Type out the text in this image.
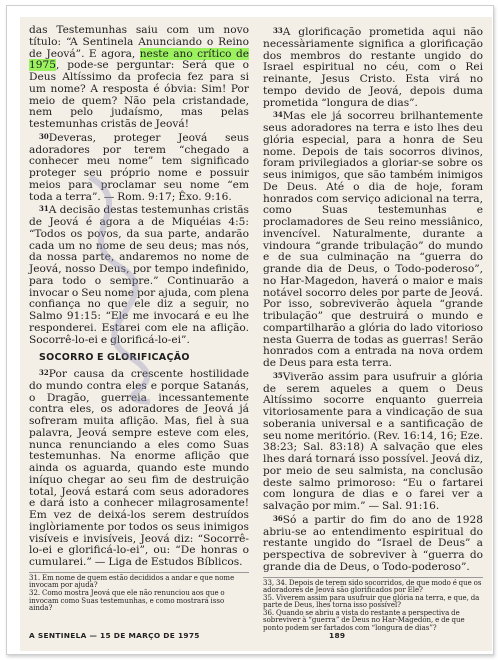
das Testemunhas saiu com um novo título: “A Sentinela Anunciando o Reino de Jeová”. E agora, neste ano crítico de 1975, pode-se perguntar: Será que o Deus Altíssimo da profecia fez para si um nome? A resposta é óbvia: Sim! Por meio de quem? Não pela cristandade, nem pelo judaísmo, mas pelas testemunhas cristãs de Jeová!

30Deveras, proteger Jeová seus adoradores por terem “chegado a conhecer meu nome” tem significado proteger seu próprio nome e possuir meios para proclamar seu nome “em toda a terra”. — Rom. 9:17; Êxo. 9:16.

31A decisão destas testemunhas cristãs de Jeová é agora a de Miquéias 4:5: “Todos os povos, da sua parte, andarão cada um no nome de seu deus; mas nós, da nossa parte, andaremos no nome de Jeová, nosso Deus, por tempo indefinido, para todo o sempre.” Continuarão a invocar o Seu nome por ajuda, com plena confiança no que ele diz a seguir, no Salmo 91:15: “Ele me invocará e eu lhe responderei. Estarei com ele na aflição. Socorrê-lo-ei e glorificá-lo-ei”.

SOCORRO E GLORIFICAÇÃO

32Por causa da crescente hostilidade do mundo contra eles e porque Satanás, o Dragão, guerreia incessantemente contra eles, os adoradores de Jeová já sofreram muita aflição. Mas, fiel à sua palavra, Jeová sempre esteve com eles, nunca renunciando a eles como Suas testemunhas. Na enorme aflição que ainda os aguarda, quando este mundo iníquo chegar ao seu fim de destruição total, Jeová estará com seus adoradores e dará isto a conhecer milagrosamente! Em vez de deixá-los serem destruídos inglòriamente por todos os seus inimigos visíveis e invisíveis, Jeová diz: “Socorrê-lo-ei e glorificá-lo-ei”, ou: “De honras o cumularei.” — Liga de Estudos Bíblicos.

31. Em nome de quem estão decididos a andar e que nome invocam por ajuda?
32. Como mostra Jeová que ele não renunciou aos que o invocam como Suas testemunhas, e como mostrará isso ainda?

33A glorificação prometida aqui não necessàriamente significa a glorificação dos membros do restante ungido do Israel espiritual no céu, com o Rei reinante, Jesus Cristo. Esta virá no tempo devido de Jeová, depois duma prometida “longura de dias”.

34Mas ele já socorreu brilhantemente seus adoradores na terra e isto lhes deu glória especial, para a honra de Seu nome. Depois de tais socorros divinos, foram privilegiados a gloriar-se sobre os seus inimigos, que são também inimigos De Deus. Até o dia de hoje, foram honrados com serviço adicional na terra, como Suas testemunhas e proclamadores de Seu reino messiânico, invencível. Naturalmente, durante a vindoura “grande tribulação” do mundo e de sua culminação na “guerra do grande dia de Deus, o Todo-poderoso”, no Har-Magedon, haverá o maior e mais notável socorro deles por parte de Jeová. Por isso, sobreviverão àquela “grande tribulação” que destruirá o mundo e compartilharão a glória do lado vitorioso nesta Guerra de todas as guerras! Serão honrados com a entrada na nova ordem de Deus para esta terra.

35Viverão assim para usufruir a glória de serem aqueles a quem o Deus Altíssimo socorre enquanto guerreia vitoriosamente para a vindicação de sua soberania universal e a santificação de seu nome meritório. (Rev. 16:14, 16; Eze. 38:23; Sal. 83:18) A salvação que eles lhes dará tornará isso possível. Jeová diz, por meio de seu salmista, na conclusão deste salmo primoroso: “Eu o fartarei com longura de dias e o farei ver a salvação por mim.” — Sal. 91:16.

36Só a partir do fim do ano de 1928 abriu-se ao entendimento espiritual do restante ungido do “Israel de Deus” a perspectiva de sobreviver à “guerra do grande dia de Deus, o Todo-poderoso”.

33, 34. Depois de terem sido socorridos, de que modo é que os adoradores de Jeová são glorificados por Ele?
35. Viverem assim para usufruir que glória na terra, e que, da parte de Deus, lhes torna isso possível?
36. Quando se abriu a vista do restante a perspectiva de sobreviver à “guerra” de Deus no Har-Magedon, e de que ponto podem ser fartados com “longura de dias”?
A SENTINELA — 15 DE MARÇO DE 1975	189
